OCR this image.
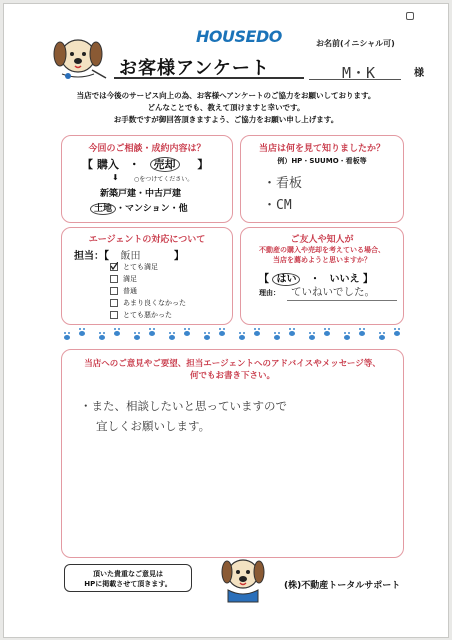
HOUSEDO	お名前(イニシャル可)
お客様アンケート	M・K	様
当店では今後のサービス向上の為、お客様へアンケートのご協力をお願いしております。
どんなことでも、教えて頂けますと幸いです。
お手数ですが御回答頂きますよう、ご協力をお願い申し上げます。
今回のご相談・成約内容は？
【 購入 ・ 売却 】
⬇	○をつけてください。
新築戸建・中古戸建
土地 ・マンション・他
当店は何を見て知りましたか？
例）HP・SUUMO・看板等
・看板
・CM
エージェントの対応について
担当：【 飯田	】
とても満足
満足
普通
あまり良くなかった
とても悪かった
ご友人や知人が
不動産の購入や売却を考えている場合、
当店を薦めようと思いますか？
【 はい ・ いいえ 】
理由： ていねいでした。
当店へのご意見やご要望、担当エージェントへのアドバイスやメッセージ等、
何でもお書き下さい。
・また、相談したいと思っていますので
宜しくお願いします。
頂いた貴重なご意見は
HPに掲載させて頂きます。	(株)不動産トータルサポート
